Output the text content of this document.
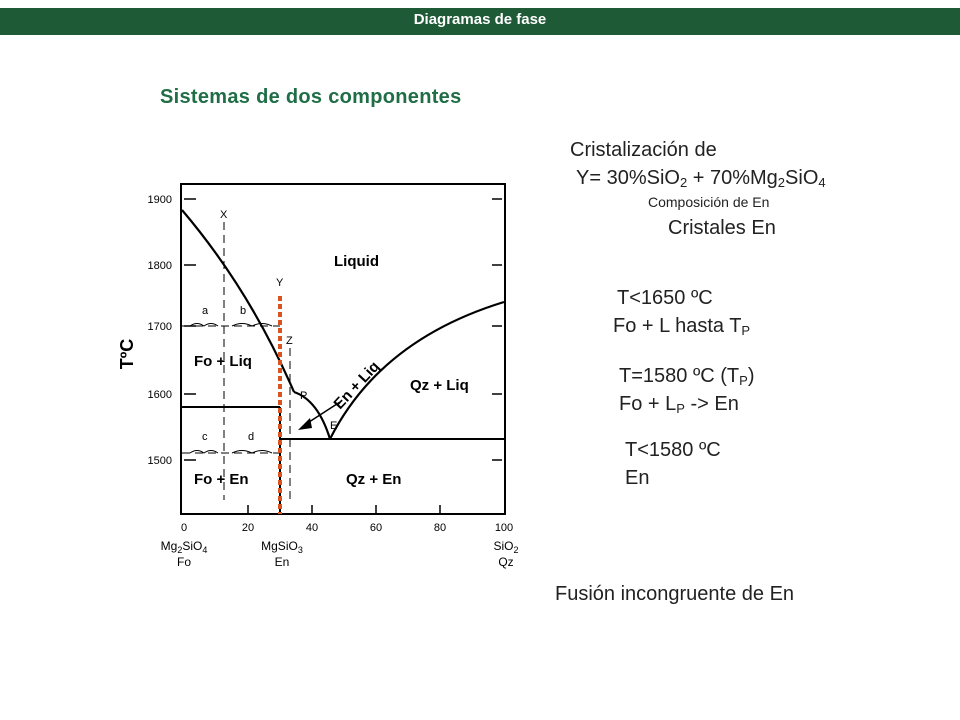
Diagramas de fase
Sistemas de dos componentes
Cristalización de
Y= 30%SiO2 + 70%Mg2SiO4
Composición de En
Cristales En
T<1650 ºC
Fo + L hasta TP
T=1580 ºC (TP)
Fo + LP -> En
T<1580 ºC
En
Fusión incongruente de En
1900
1800
1700
1600
1500
TºC
0	20	40	60	80	100
$Mg_2SiO_4$
Fo
MgSiO$_3$
En
SiO$_2$
Qz
X
Y
Z
P
E
a	b
c	d
Liquid
Fo + Liq	En + Liq Qz + Liq
Fo + En	Qz + En
